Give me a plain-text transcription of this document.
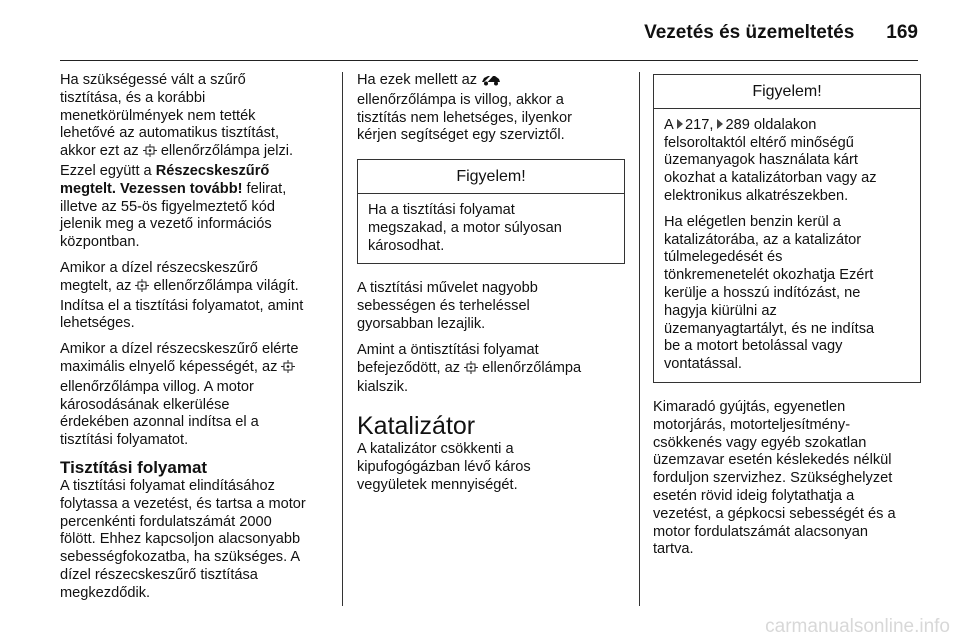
Vezetés és üzemeltetés 169

Ha szükségessé vált a szűrő
tisztítása, és a korábbi
menetkörülmények nem tették
lehetővé az automatikus tisztítást,
akkor ezt az ellenőrzőlámpa jelzi.
Ezzel együtt a Részecskeszűrő
megtelt. Vezessen tovább! felirat,
illetve az 55-ös figyelmeztető kód
jelenik meg a vezető információs
központban.

Amikor a dízel részecskeszűrő
megtelt, az ellenőrzőlámpa világít.
Indítsa el a tisztítási folyamatot, amint
lehetséges.

Amikor a dízel részecskeszűrő elérte
maximális elnyelő képességét, az
ellenőrzőlámpa villog. A motor
károsodásának elkerülése
érdekében azonnal indítsa el a
tisztítási folyamatot.

Tisztítási folyamat

A tisztítási folyamat elindításához
folytassa a vezetést, és tartsa a motor
percenkénti fordulatszámát 2000
fölött. Ehhez kapcsoljon alacsonyabb
sebességfokozatba, ha szükséges. A
dízel részecskeszűrő tisztítása
megkezdődik.

Ha ezek mellett az
ellenőrzőlámpa is villog, akkor a
tisztítás nem lehetséges, ilyenkor
kérjen segítséget egy szerviztől.

Figyelem!

Ha a tisztítási folyamat
megszakad, a motor súlyosan
károsodhat.

A tisztítási művelet nagyobb
sebességen és terheléssel
gyorsabban lezajlik.

Amint a öntisztítási folyamat
befejeződött, az ellenőrzőlámpa
kialszik.

Katalizátor

A katalizátor csökkenti a
kipufogógázban lévő káros
vegyületek mennyiségét.

Figyelem!

A 217, 289 oldalakon
felsoroltaktól eltérő minőségű
üzemanyagok használata kárt
okozhat a katalizátorban vagy az
elektronikus alkatrészekben.

Ha elégetlen benzin kerül a
katalizátorába, az a katalizátor
túlmelegedését és
tönkremenetelét okozhatja Ezért
kerülje a hosszú indítózást, ne
hagyja kiürülni az
üzemanyagtartályt, és ne indítsa
be a motort betolással vagy
vontatással.

Kimaradó gyújtás, egyenetlen
motorjárás, motorteljesítmény-
csökkenés vagy egyéb szokatlan
üzemzavar esetén késlekedés nélkül
forduljon szervizhez. Szükséghelyzet
esetén rövid ideig folytathatja a
vezetést, a gépkocsi sebességét és a
motor fordulatszámát alacsonyan
tartva.

carmanualsonline.info
